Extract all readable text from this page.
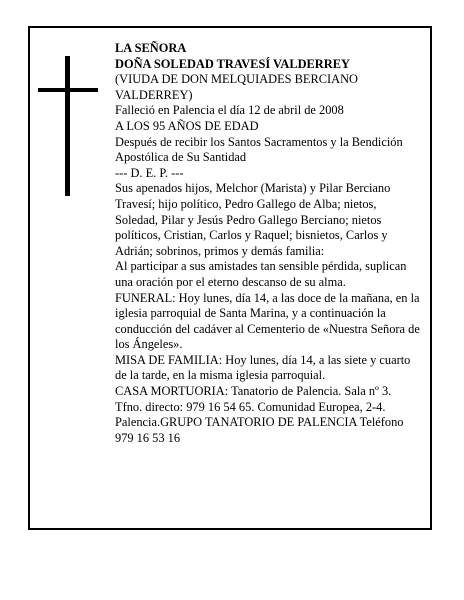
LA SEÑORA

DOÑA SOLEDAD TRAVESÍ VALDERREY

(VIUDA DE DON MELQUIADES BERCIANO VALDERREY)

Falleció en Palencia el día 12 de abril de 2008

A LOS 95 AÑOS DE EDAD

Después de recibir los Santos Sacramentos y la Bendición Apostólica de Su Santidad

--- D. E. P. ---

Sus apenados hijos, Melchor (Marista) y Pilar Berciano Travesí; hijo político, Pedro Gallego de Alba; nietos, Soledad, Pilar y Jesús Pedro Gallego Berciano; nietos políticos, Cristian, Carlos y Raquel; bisnietos, Carlos y Adrián; sobrinos, primos y demás familia:

Al participar a sus amistades tan sensible pérdida, suplican una oración por el eterno descanso de su alma.

FUNERAL: Hoy lunes, día 14, a las doce de la mañana, en la iglesia parroquial de Santa Marina, y a continuación la conducción del cadáver al Cementerio de «Nuestra Señora de los Ángeles».

MISA DE FAMILIA: Hoy lunes, día 14, a las siete y cuarto de la tarde, en la misma iglesia parroquial.

CASA MORTUORIA: Tanatorio de Palencia. Sala nº 3. Tfno. directo: 979 16 54 65. Comunidad Europea, 2-4. Palencia.GRUPO TANATORIO DE PALENCIA Teléfono 979 16 53 16
